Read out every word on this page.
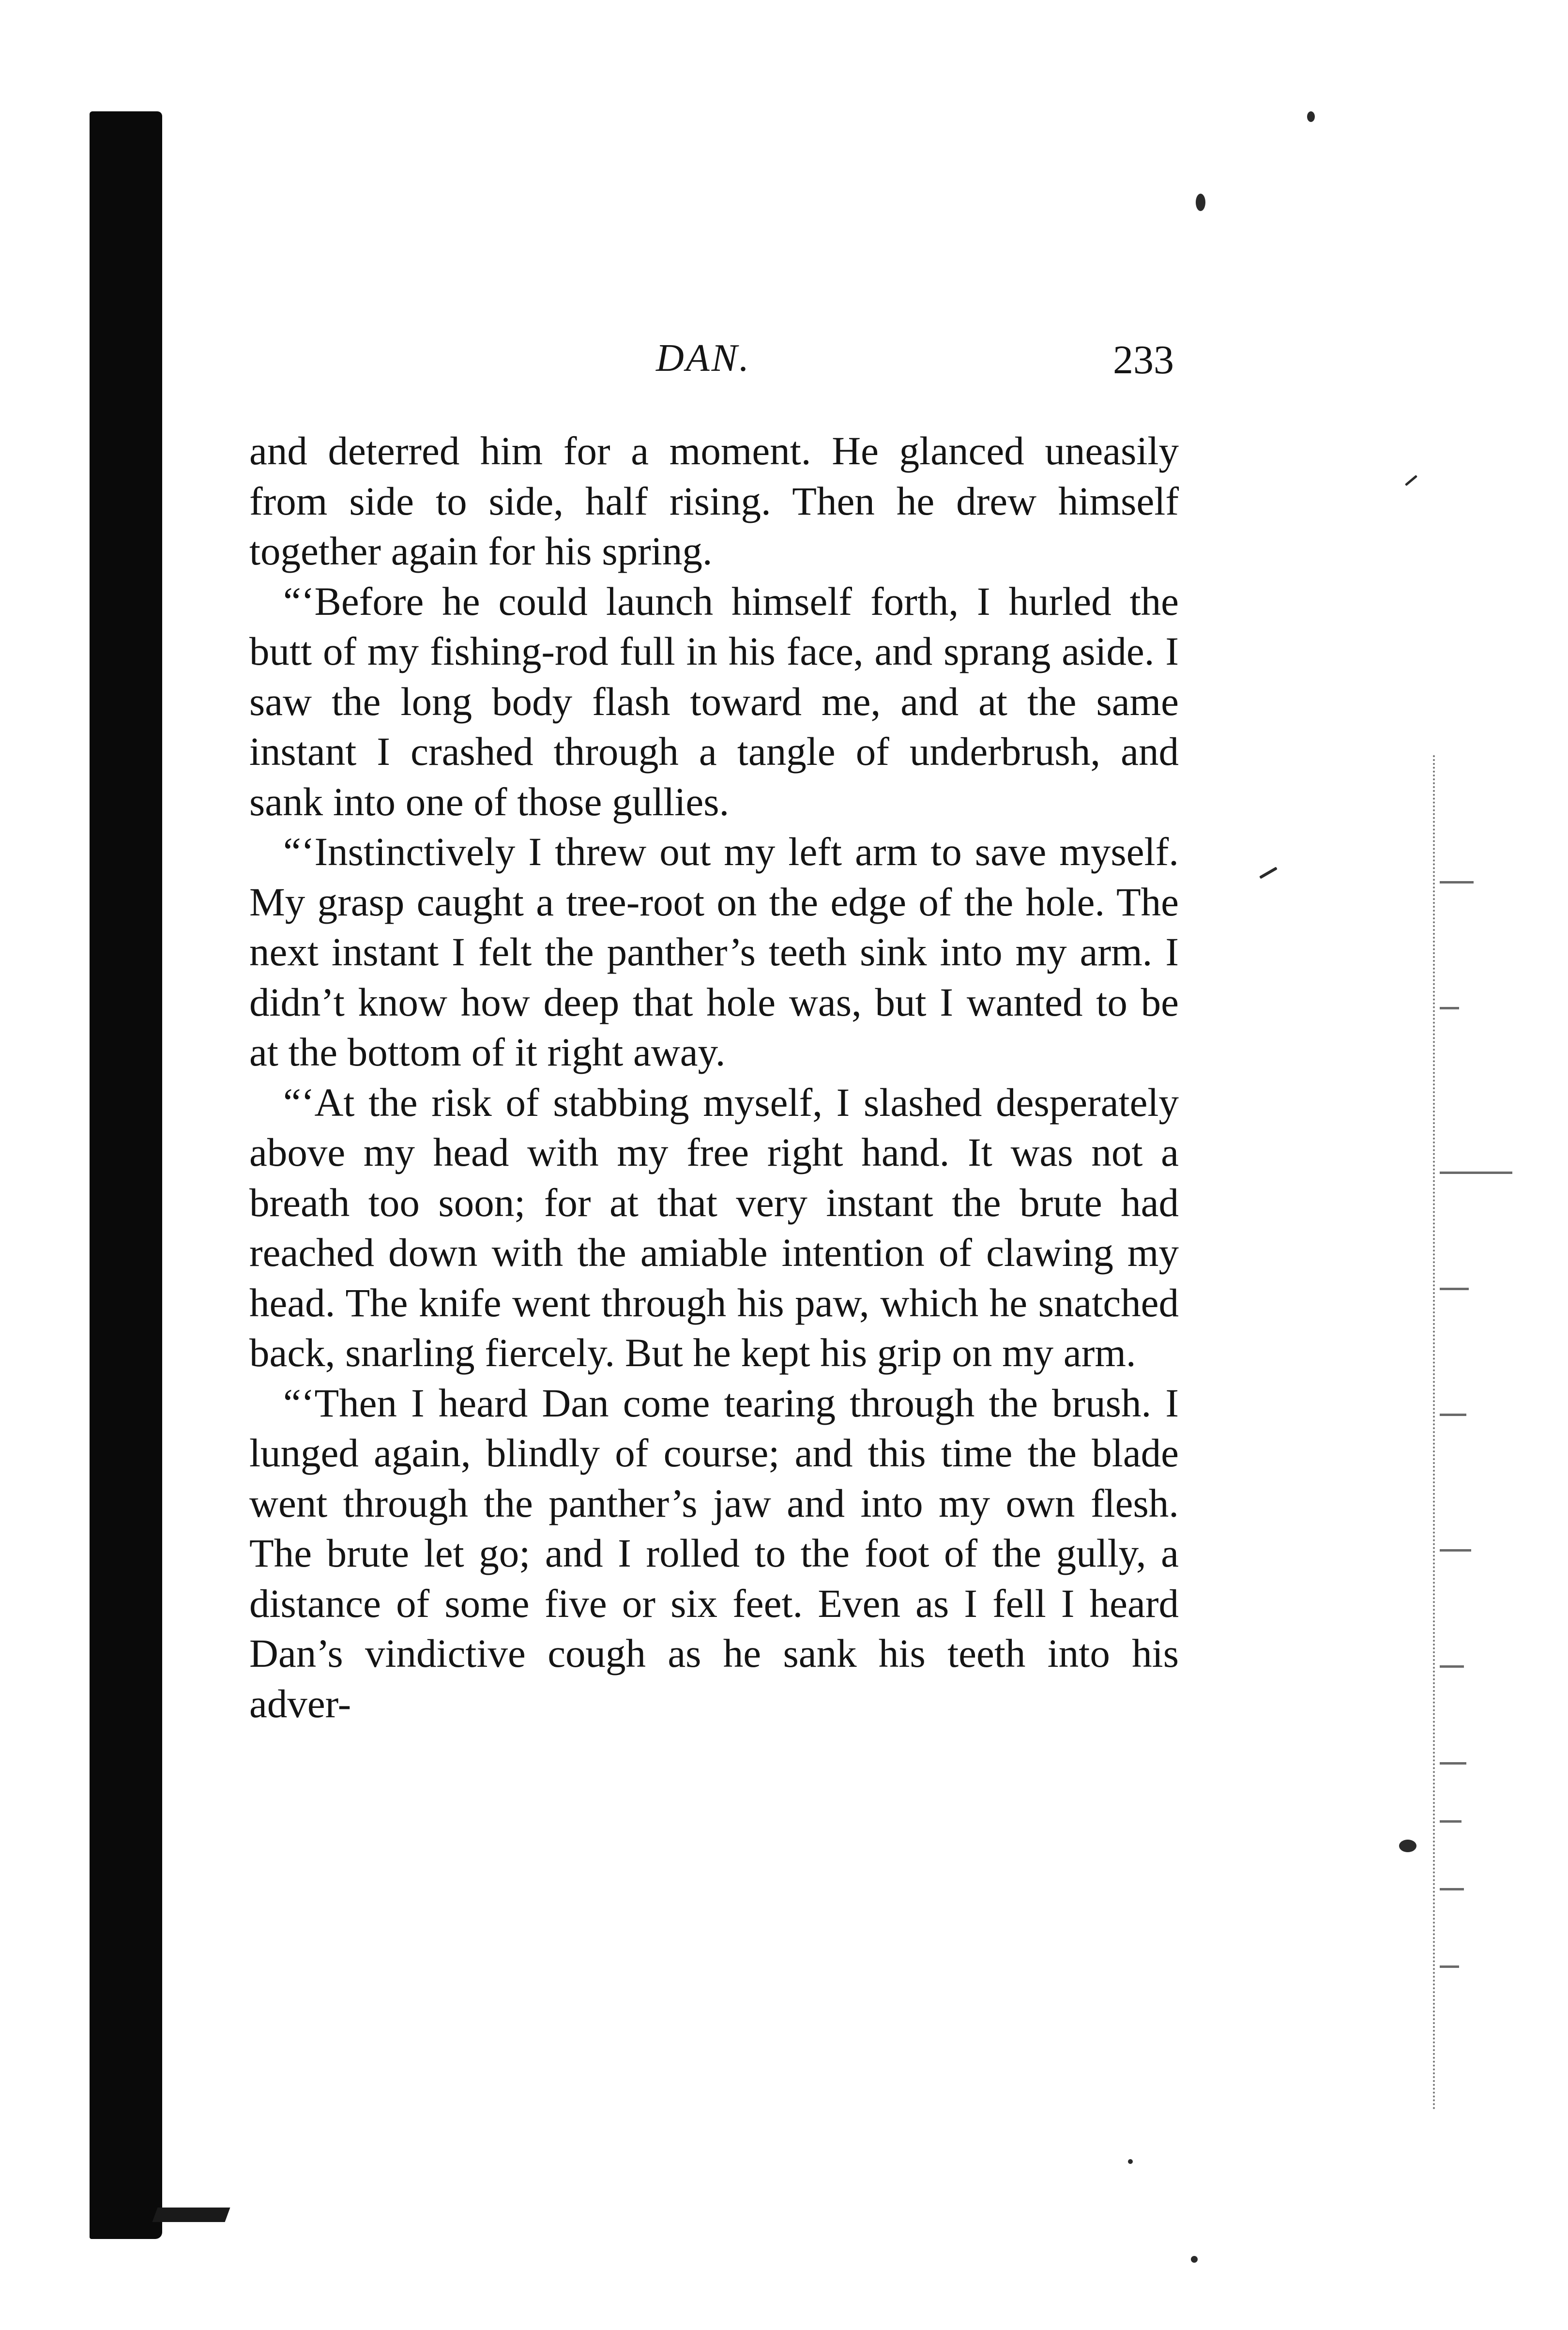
DAN.	233

and deterred him for a moment. He glanced uneasily from side to side, half rising. Then he drew himself together again for his spring.

“‘Before he could launch himself forth, I hurled the butt of my fishing-rod full in his face, and sprang aside. I saw the long body flash toward me, and at the same instant I crashed through a tangle of underbrush, and sank into one of those gullies.

“‘Instinctively I threw out my left arm to save myself. My grasp caught a tree-root on the edge of the hole. The next instant I felt the panther’s teeth sink into my arm. I didn’t know how deep that hole was, but I wanted to be at the bottom of it right away.

“‘At the risk of stabbing myself, I slashed desperately above my head with my free right hand. It was not a breath too soon; for at that very instant the brute had reached down with the amiable intention of clawing my head. The knife went through his paw, which he snatched back, snarling fiercely. But he kept his grip on my arm.

“‘Then I heard Dan come tearing through the brush. I lunged again, blindly of course; and this time the blade went through the panther’s jaw and into my own flesh. The brute let go; and I rolled to the foot of the gully, a distance of some five or six feet. Even as I fell I heard Dan’s vindictive cough as he sank his teeth into his adver-
